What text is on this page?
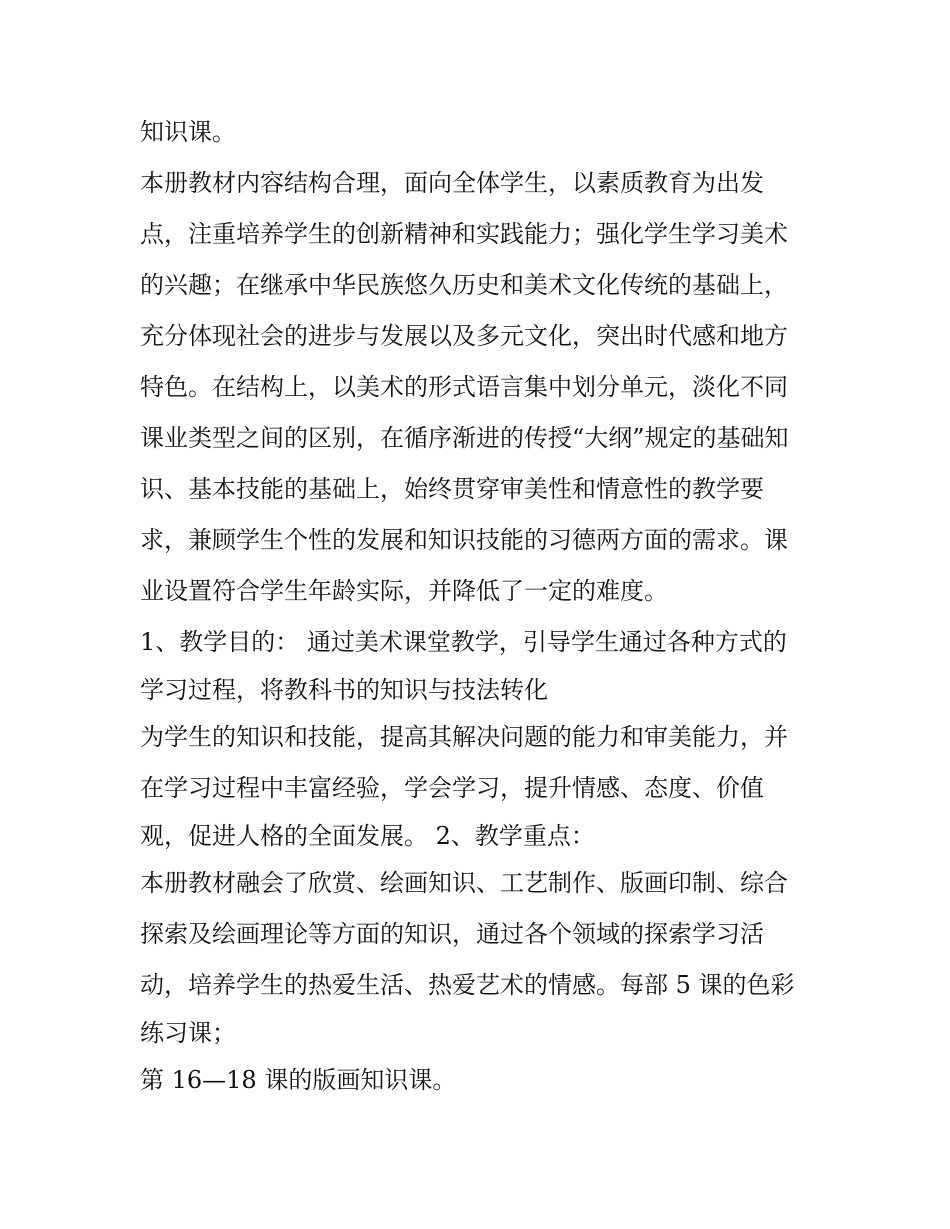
知识课。
本册教材内容结构合理，面向全体学生，以素质教育为出发
点，注重培养学生的创新精神和实践能力；强化学生学习美术
的兴趣；在继承中华民族悠久历史和美术文化传统的基础上，
充分体现社会的进步与发展以及多元文化，突出时代感和地方
特色。在结构上，以美术的形式语言集中划分单元，淡化不同
课业类型之间的区别，在循序渐进的传授“大纲”规定的基础知
识、基本技能的基础上，始终贯穿审美性和情意性的教学要
求，兼顾学生个性的发展和知识技能的习德两方面的需求。课
业设置符合学生年龄实际，并降低了一定的难度。
1、教学目的： 通过美术课堂教学，引导学生通过各种方式的
学习过程，将教科书的知识与技法转化
为学生的知识和技能，提高其解决问题的能力和审美能力，并
在学习过程中丰富经验，学会学习，提升情感、态度、价值
观，促进人格的全面发展。 2、教学重点：
本册教材融会了欣赏、绘画知识、工艺制作、版画印制、综合
探索及绘画理论等方面的知识，通过各个领域的探索学习活
动，培养学生的热爱生活、热爱艺术的情感。每部 5 课的色彩
练习课；
第 16—18 课的版画知识课。
